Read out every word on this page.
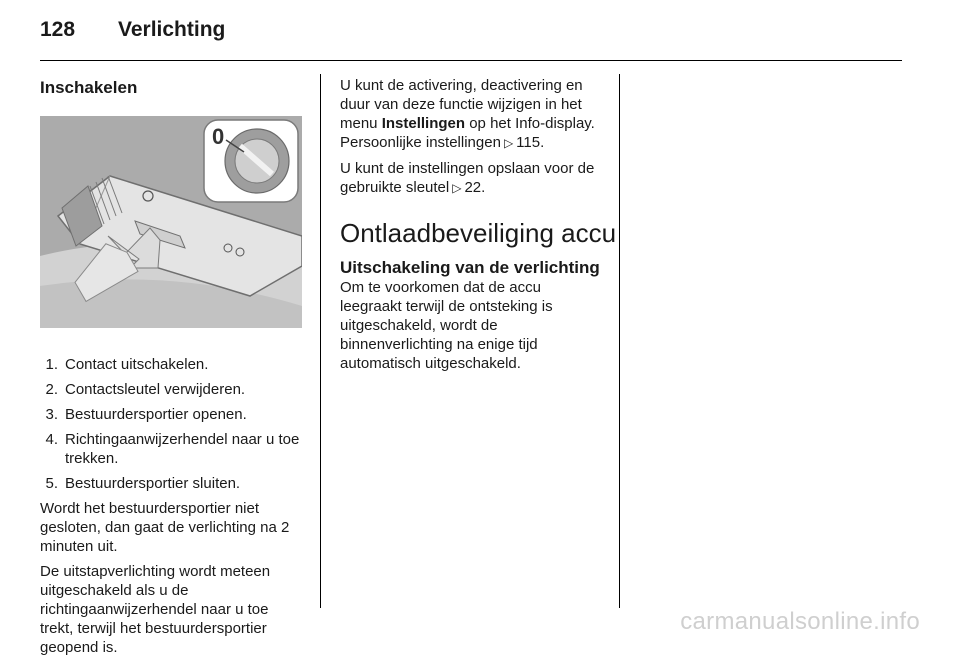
128 Verlichting
Inschakelen
0
1. Contact uitschakelen.
2. Contactsleutel verwijderen.
3. Bestuurdersportier openen.
4. Richtingaanwijzerhendel naar u toe trekken.
5. Bestuurdersportier sluiten.

Wordt het bestuurdersportier niet gesloten, dan gaat de verlichting na 2 minuten uit.

De uitstapverlichting wordt meteen uitgeschakeld als u de richtingaanwijzerhendel naar u toe trekt, terwijl het bestuurdersportier geopend is.

U kunt de activering, deactivering en duur van deze functie wijzigen in het menu Instellingen op het Info-display. Persoonlijke instellingen ▷ 115.

U kunt de instellingen opslaan voor de gebruikte sleutel ▷ 22.

Ontlaadbeveiliging accu
Uitschakeling van de verlichting

Om te voorkomen dat de accu leegraakt terwijl de ontsteking is uitgeschakeld, wordt de binnenverlichting na enige tijd automatisch uitgeschakeld.

carmanualsonline.info
